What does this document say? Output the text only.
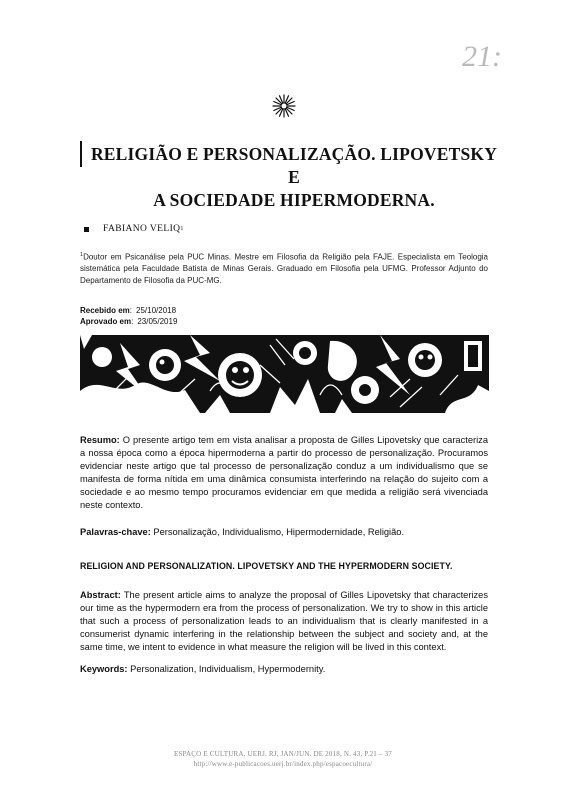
21:
RELIGIÃO E PERSONALIZAÇÃO. LIPOVETSKY E
A SOCIEDADE HIPERMODERNA.
FABIANO VELIQ 1
$^1$Doutor em Psicanálise pela PUC Minas. Mestre em Filosofia da Religião pela FAJE. Especialista em Teologia sistemática pela Faculdade Batista de Minas Gerais. Graduado em Filosofia pela UFMG. Professor Adjunto do Departamento de Filosofia da PUC-MG.
Recebido em: 25/10/2018
Aprovado em: 23/05/2019
Resumo: O presente artigo tem em vista analisar a proposta de Gilles Lipovetsky que caracteriza a nossa época como a época hipermoderna a partir do processo de personalização. Procuramos evidenciar neste artigo que tal processo de personalização conduz a um individualismo que se manifesta de forma nítida em uma dinâmica consumista interferindo na relação do sujeito com a sociedade e ao mesmo tempo procuramos evidenciar em que medida a religião será vivenciada neste contexto.
Palavras-chave: Personalização, Individualismo, Hipermodernidade, Religião.
RELIGION AND PERSONALIZATION. LIPOVETSKY AND THE HYPERMODERN SOCIETY.
Abstract: The present article aims to analyze the proposal of Gilles Lipovetsky that characterizes our time as the hypermodern era from the process of personalization. We try to show in this article that such a process of personalization leads to an individualism that is clearly manifested in a consumerist dynamic interfering in the relationship between the subject and society and, at the same time, we intent to evidence in what measure the religion will be lived in this context.
Keywords: Personalization, Individualism, Hypermodernity.
ESPAÇO E CULTURA, UERJ, RJ, JAN/JUN. DE 2018, N. 43, P.21 – 37
http://www.e-publicacoes.uerj.br/index.php/espacoecultura/
